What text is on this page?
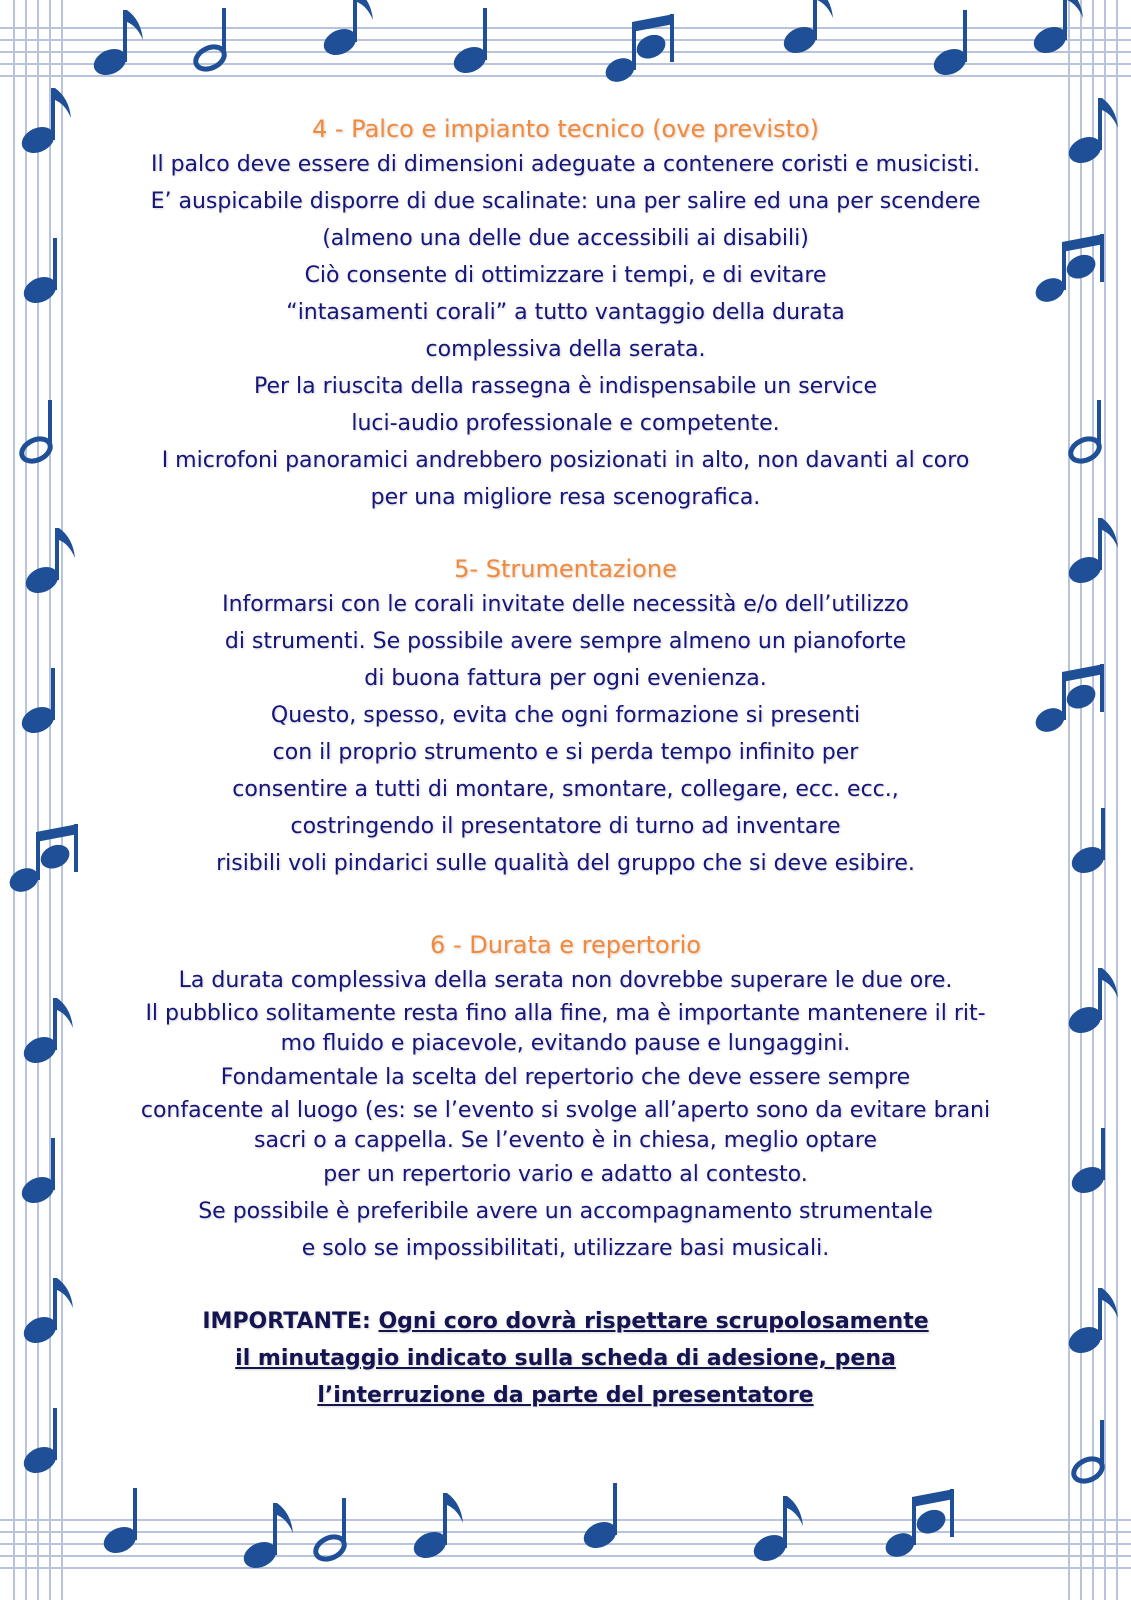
4 - Palco e impianto tecnico (ove previsto)
Il palco deve essere di dimensioni adeguate a contenere coristi e musicisti.
E’ auspicabile disporre di due scalinate: una per salire ed una per scendere
(almeno una delle due accessibili ai disabili)
Ciò consente di ottimizzare i tempi, e di evitare
“intasamenti corali” a tutto vantaggio della durata
complessiva della serata.
Per la riuscita della rassegna è indispensabile un service
luci-audio professionale e competente.
I microfoni panoramici andrebbero posizionati in alto, non davanti al coro
per una migliore resa scenografica.
5- Strumentazione
Informarsi con le corali invitate delle necessità e/o dell’utilizzo
di strumenti. Se possibile avere sempre almeno un pianoforte
di buona fattura per ogni evenienza.
Questo, spesso, evita che ogni formazione si presenti
con il proprio strumento e si perda tempo infinito per
consentire a tutti di montare, smontare, collegare, ecc. ecc.,
costringendo il presentatore di turno ad inventare
risibili voli pindarici sulle qualità del gruppo che si deve esibire.
6 - Durata e repertorio
La durata complessiva della serata non dovrebbe superare le due ore.
Il pubblico solitamente resta fino alla fine, ma è importante mantenere il rit-
mo fluido e piacevole, evitando pause e lungaggini.
Fondamentale la scelta del repertorio che deve essere sempre
confacente al luogo (es: se l’evento si svolge all’aperto sono da evitare brani
sacri o a cappella. Se l’evento è in chiesa, meglio optare
per un repertorio vario e adatto al contesto.
Se possibile è preferibile avere un accompagnamento strumentale
e solo se impossibilitati, utilizzare basi musicali.
IMPORTANTE: Ogni coro dovrà rispettare scrupolosamente
il minutaggio indicato sulla scheda di adesione, pena
l’interruzione da parte del presentatore
